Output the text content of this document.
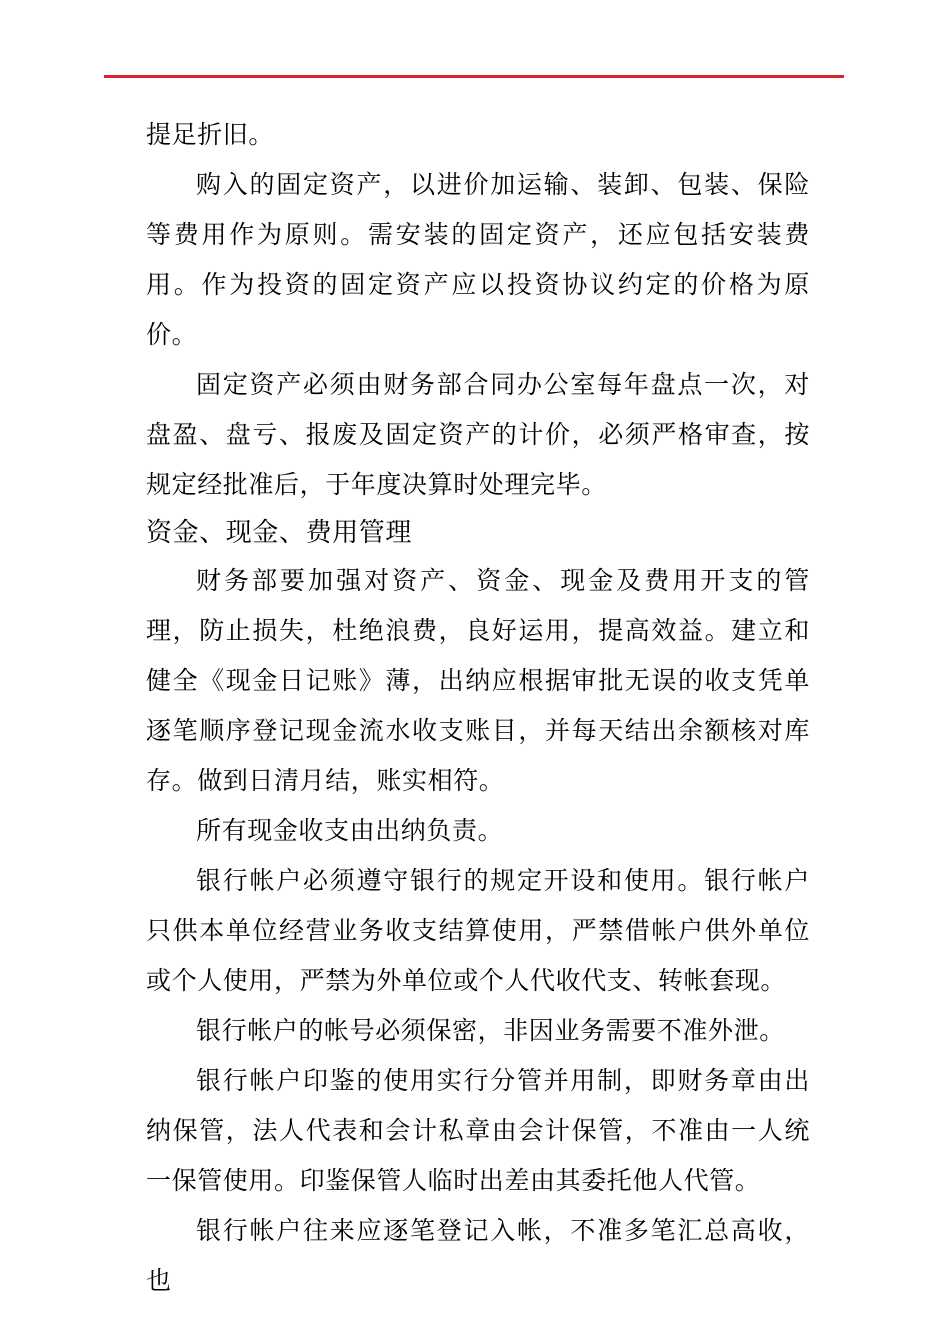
提足折旧。

购入的固定资产，以进价加运输、装卸、包装、保险等费用作为原则。需安装的固定资产，还应包括安装费用。作为投资的固定资产应以投资协议约定的价格为原价。

固定资产必须由财务部合同办公室每年盘点一次，对盘盈、盘亏、报废及固定资产的计价，必须严格审查，按规定经批准后，于年度决算时处理完毕。

资金、现金、费用管理

财务部要加强对资产、资金、现金及费用开支的管理，防止损失，杜绝浪费，良好运用，提高效益。建立和健全《现金日记账》薄，出纳应根据审批无误的收支凭单逐笔顺序登记现金流水收支账目，并每天结出余额核对库存。做到日清月结，账实相符。

所有现金收支由出纳负责。

银行帐户必须遵守银行的规定开设和使用。银行帐户只供本单位经营业务收支结算使用，严禁借帐户供外单位或个人使用，严禁为外单位或个人代收代支、转帐套现。

银行帐户的帐号必须保密，非因业务需要不准外泄。

银行帐户印鉴的使用实行分管并用制，即财务章由出纳保管，法人代表和会计私章由会计保管，不准由一人统一保管使用。印鉴保管人临时出差由其委托他人代管。

银行帐户往来应逐笔登记入帐，不准多笔汇总高收，也
